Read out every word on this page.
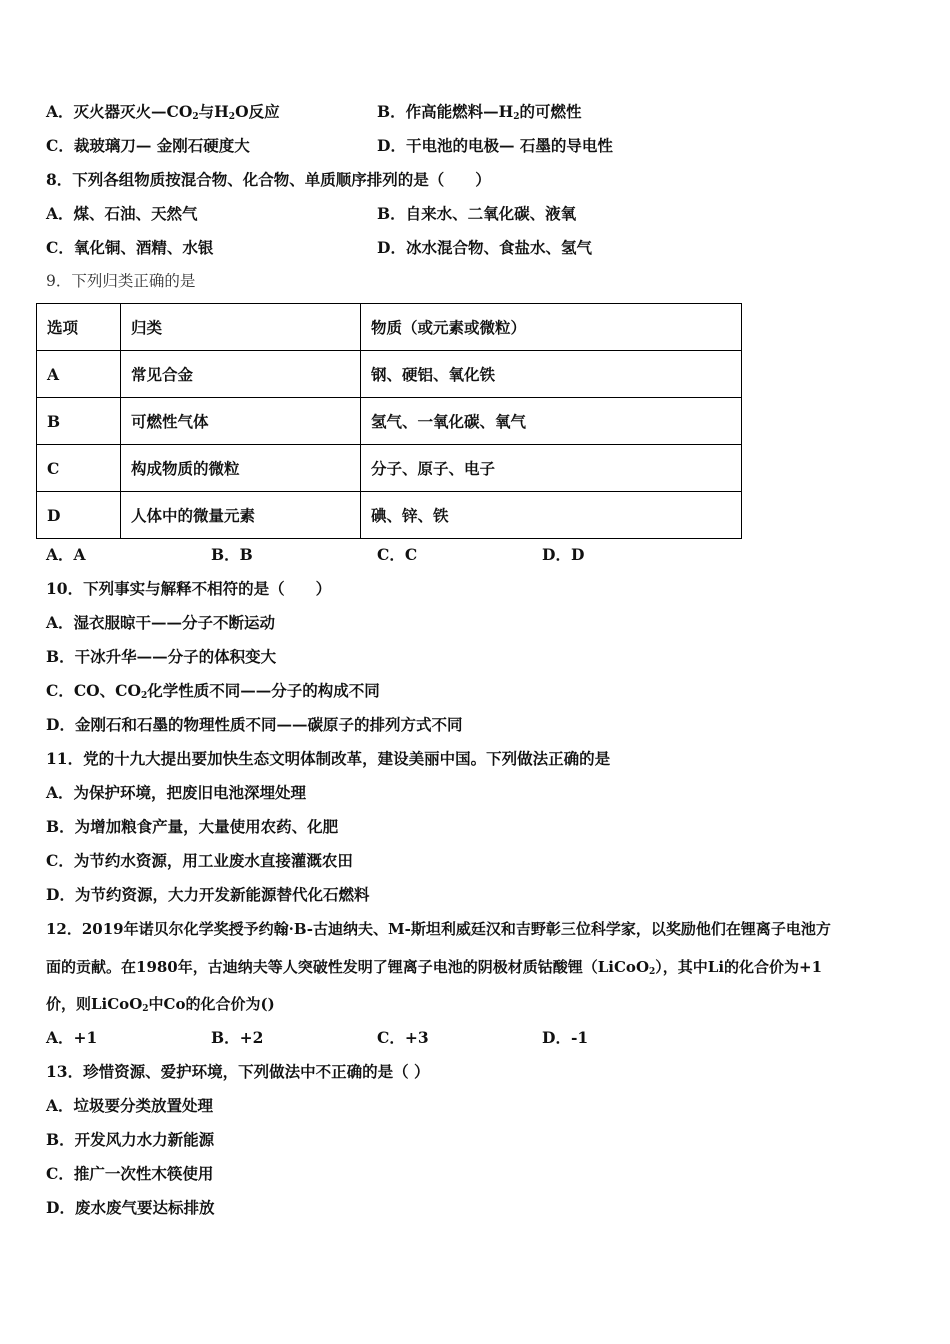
A．灭火器灭火$—CO_2$与$H_2O$反应	B．作高能燃料$—H_2$的可燃性
C．裁玻璃刀— 金刚石硬度大	D．干电池的电极— 石墨的导电性
8．下列各组物质按混合物、化合物、单质顺序排列的是（　　）
A．煤、石油、天然气	B．自来水、二氧化碳、液氧
C．氧化铜、酒精、水银	D．冰水混合物、食盐水、氢气
9．下列归类正确的是
选项	归类	物质（或元素或微粒）
A	常见合金	钢、硬铝、氧化铁
B	可燃性气体	氢气、一氧化碳、氧气
C	构成物质的微粒	分子、原子、电子
D	人体中的微量元素	碘、锌、铁
A．A	B．B	C．C	D．D
10．下列事实与解释不相符的是（　　）
A．湿衣服晾干——分子不断运动
B．干冰升华——分子的体积变大
C．CO、$CO_2$化学性质不同——分子的构成不同
D．金刚石和石墨的物理性质不同——碳原子的排列方式不同
11．党的十九大提出要加快生态文明体制改革，建设美丽中国。下列做法正确的是
A．为保护环境，把废旧电池深埋处理
B．为增加粮食产量，大量使用农药、化肥
C．为节约水资源，用工业废水直接灌溉农田
D．为节约资源，大力开发新能源替代化石燃料
12．2019年诺贝尔化学奖授予约翰·B-古迪纳夫、M-斯坦利威廷汉和吉野彰三位科学家，以奖励他们在锂离子电池方
面的贡献。在1980年，古迪纳夫等人突破性发明了锂离子电池的阴极材质钴酸锂（LiCoO$_2$），其中Li的化合价为+1
价，则LiCoO$_2$中Co的化合价为()
A．+1	B．+2	C．+3	D．-1
13．珍惜资源、爱护环境，下列做法中不正确的是（ ）
A．垃圾要分类放置处理
B．开发风力水力新能源
C．推广一次性木筷使用
D．废水废气要达标排放
